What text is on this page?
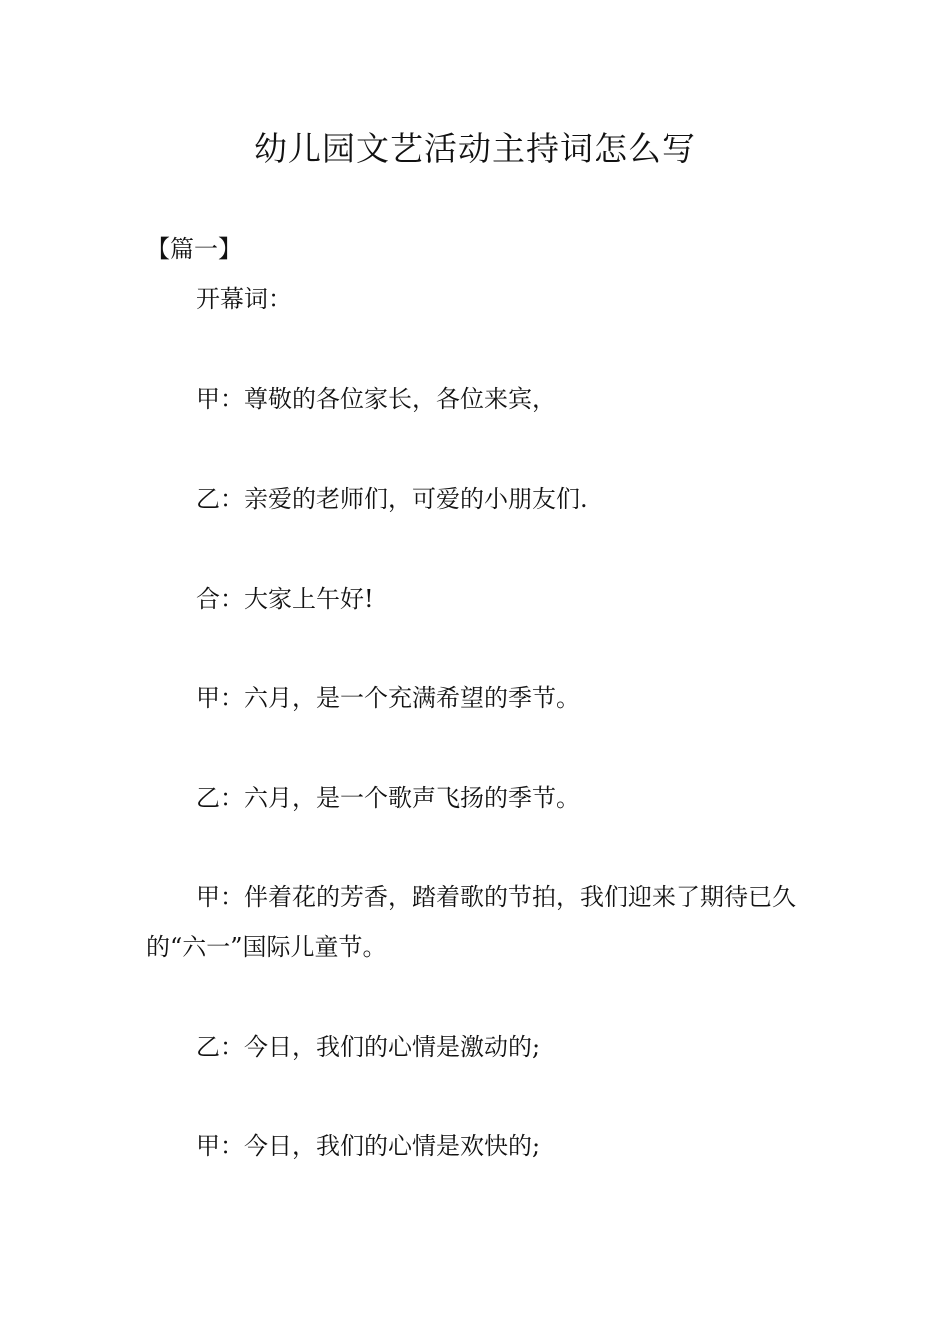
幼儿园文艺活动主持词怎么写
【篇一】

开幕词：

甲：尊敬的各位家长，各位来宾，

乙：亲爱的老师们，可爱的小朋友们.

合：大家上午好!

甲：六月，是一个充满希望的季节。

乙：六月，是一个歌声飞扬的季节。

甲：伴着花的芳香，踏着歌的节拍，我们迎来了期待已久的“六一”国际儿童节。

乙：今日，我们的心情是激动的;

甲：今日，我们的心情是欢快的;
